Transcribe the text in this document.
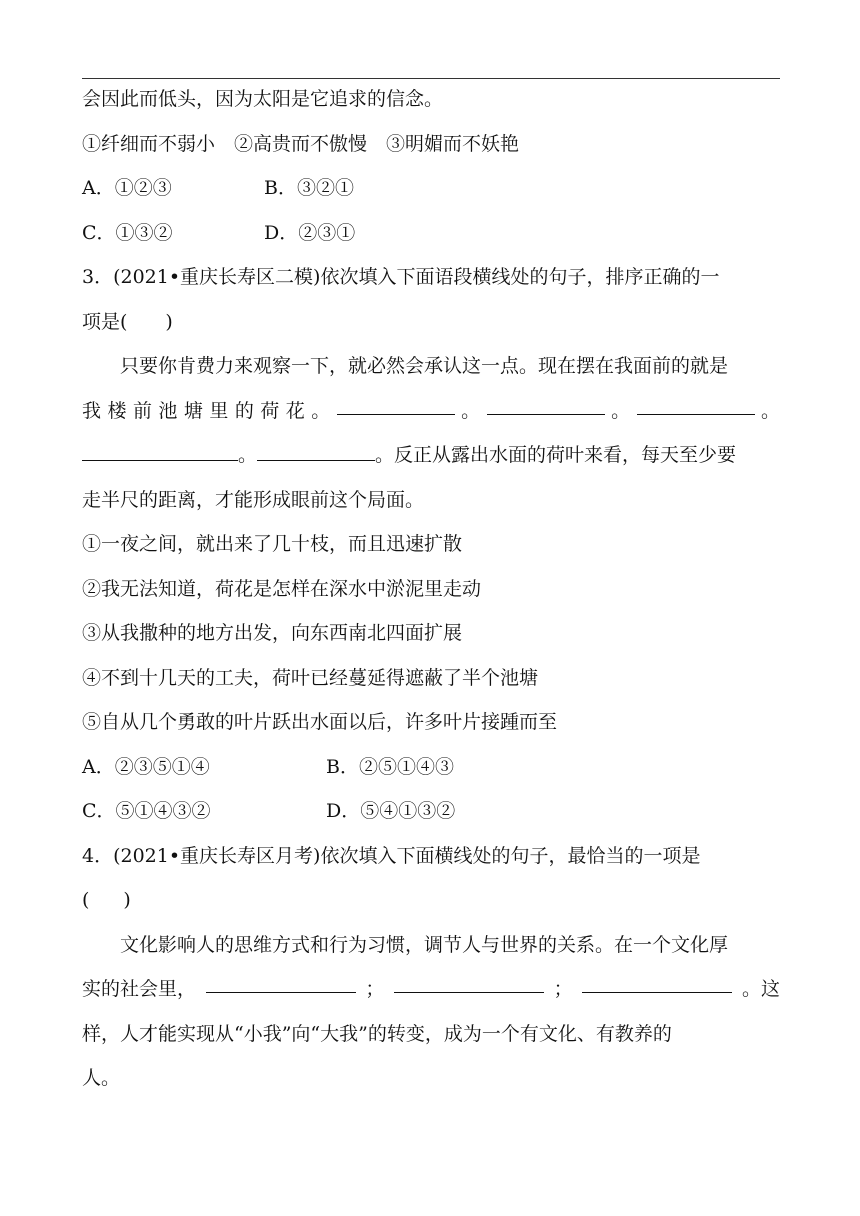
会因此而低头，因为太阳是它追求的信念。
①纤细而不弱小　②高贵而不傲慢　③明媚而不妖艳
A．①②③	B．③②①
C．①③②	D．②③①
3．(2021•重庆长寿区二模)依次填入下面语段横线处的句子，排序正确的一
项是(　　)
只要你肯费力来观察一下，就必然会承认这一点。现在摆在我面前的就是
我 楼 前 池 塘 里 的 荷 花 。	。	。	。
。	。反正从露出水面的荷叶来看，每天至少要
走半尺的距离，才能形成眼前这个局面。
①一夜之间，就出来了几十枝，而且迅速扩散
②我无法知道，荷花是怎样在深水中淤泥里走动
③从我撒种的地方出发，向东西南北四面扩展
④不到十几天的工夫，荷叶已经蔓延得遮蔽了半个池塘
⑤自从几个勇敢的叶片跃出水面以后，许多叶片接踵而至
A．②③⑤①④	B．②⑤①④③
C．⑤①④③②	D．⑤④①③②
4．(2021•重庆长寿区月考)依次填入下面横线处的句子，最恰当的一项是
( )
文化影响人的思维方式和行为习惯，调节人与世界的关系。在一个文化厚
实的社会里，	；	；	。这
样，人才能实现从“小我”向“大我”的转变，成为一个有文化、有教养的
人。
